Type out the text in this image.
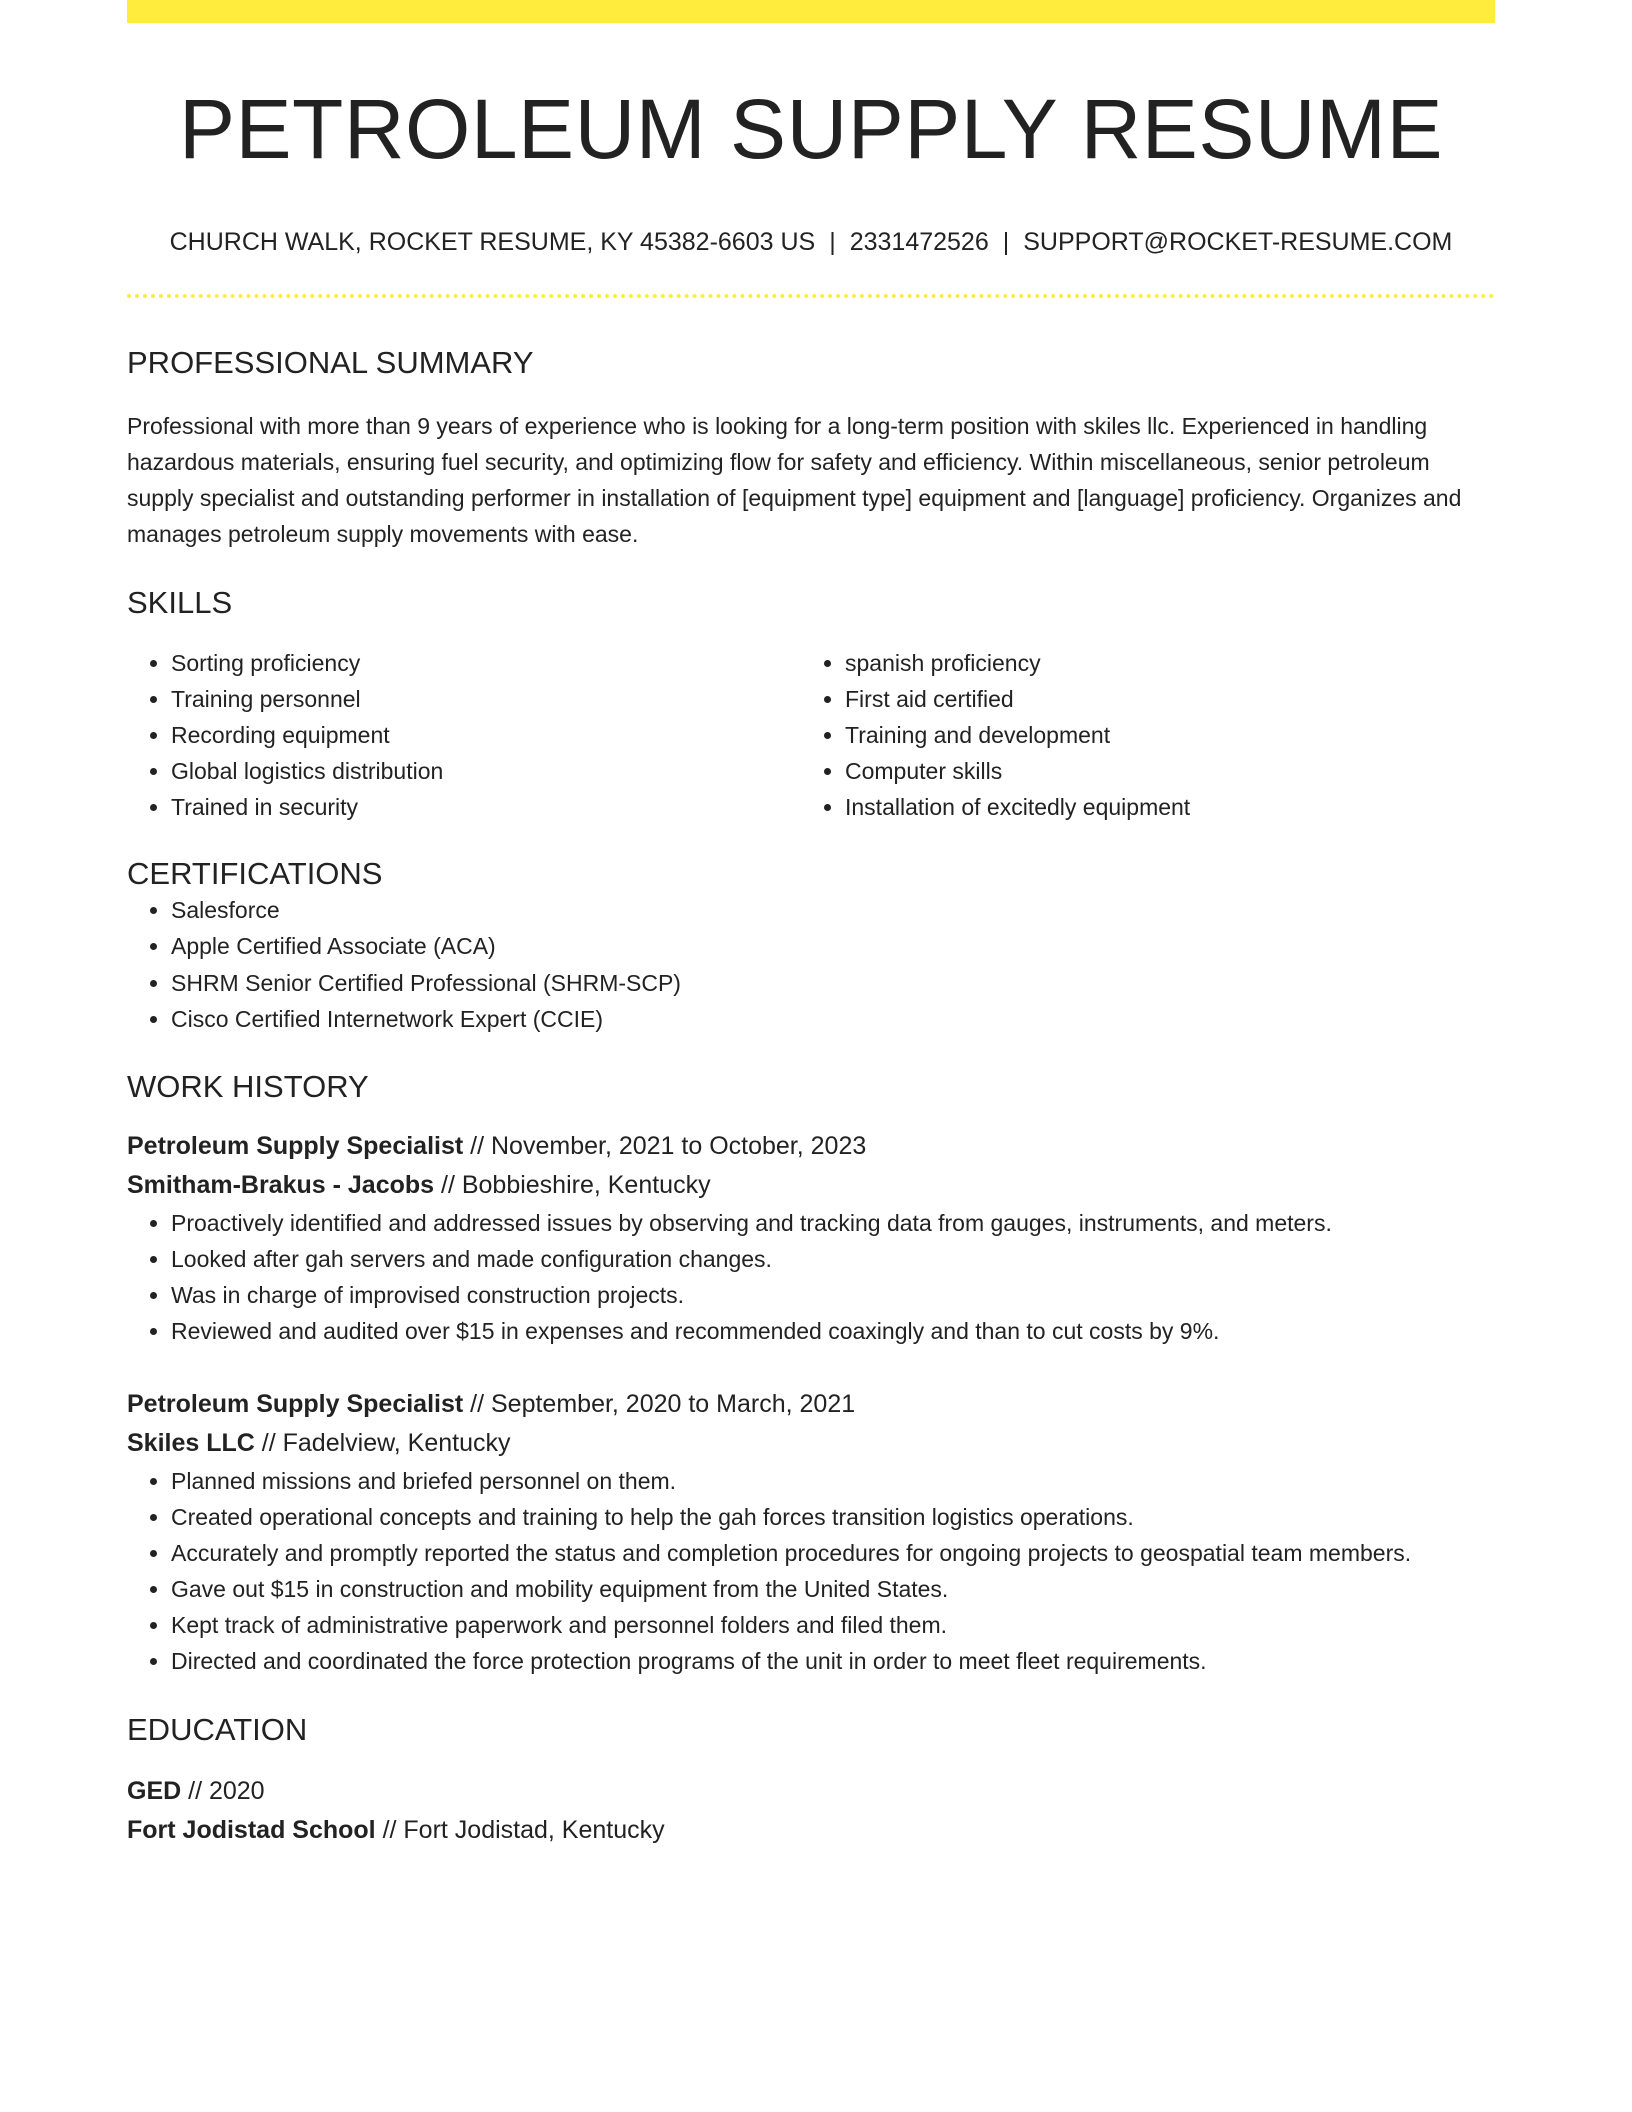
PETROLEUM SUPPLY RESUME
CHURCH WALK, ROCKET RESUME, KY 45382-6603 US | 2331472526 | SUPPORT@ROCKET-RESUME.COM
PROFESSIONAL SUMMARY
Professional with more than 9 years of experience who is looking for a long-term position with skiles llc. Experienced in handling hazardous materials, ensuring fuel security, and optimizing flow for safety and efficiency. Within miscellaneous, senior petroleum supply specialist and outstanding performer in installation of [equipment type] equipment and [language] proficiency. Organizes and manages petroleum supply movements with ease.
SKILLS
• Sorting proficiency
• Training personnel
• Recording equipment
• Global logistics distribution
• Trained in security
• spanish proficiency
• First aid certified
• Training and development
• Computer skills
• Installation of excitedly equipment
CERTIFICATIONS
• Salesforce
• Apple Certified Associate (ACA)
• SHRM Senior Certified Professional (SHRM-SCP)
• Cisco Certified Internetwork Expert (CCIE)
WORK HISTORY
Petroleum Supply Specialist // November, 2021 to October, 2023
Smitham-Brakus - Jacobs // Bobbieshire, Kentucky
• Proactively identified and addressed issues by observing and tracking data from gauges, instruments, and meters.
• Looked after gah servers and made configuration changes.
• Was in charge of improvised construction projects.
• Reviewed and audited over $15 in expenses and recommended coaxingly and than to cut costs by 9%.
Petroleum Supply Specialist // September, 2020 to March, 2021
Skiles LLC // Fadelview, Kentucky
• Planned missions and briefed personnel on them.
• Created operational concepts and training to help the gah forces transition logistics operations.
• Accurately and promptly reported the status and completion procedures for ongoing projects to geospatial team members.
• Gave out $15 in construction and mobility equipment from the United States.
• Kept track of administrative paperwork and personnel folders and filed them.
• Directed and coordinated the force protection programs of the unit in order to meet fleet requirements.
EDUCATION
GED // 2020
Fort Jodistad School // Fort Jodistad, Kentucky
